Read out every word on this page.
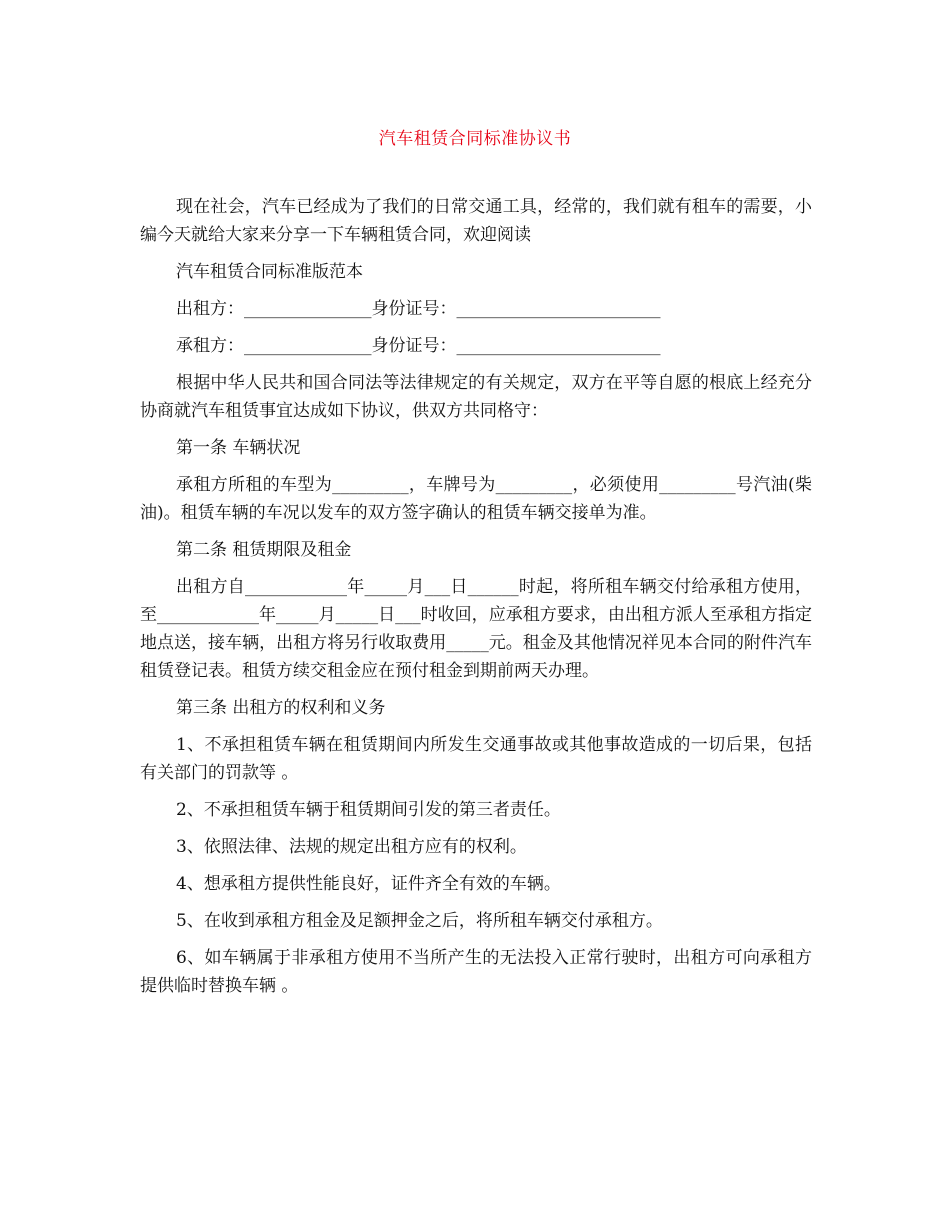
汽车租赁合同标准协议书

现在社会，汽车已经成为了我们的日常交通工具，经常的，我们就有租车的需要，小编今天就给大家来分享一下车辆租赁合同，欢迎阅读

汽车租赁合同标准版范本

出租方：_______________身份证号：________________________

承租方：_______________身份证号：________________________

根据中华人民共和国合同法等法律规定的有关规定，双方在平等自愿的根底上经充分协商就汽车租赁事宜达成如下协议，供双方共同格守：

第一条 车辆状况

承租方所租的车型为_________，车牌号为_________，必须使用_________号汽油(柴油)。租赁车辆的车况以发车的双方签字确认的租赁车辆交接单为准。

第二条 租赁期限及租金

出租方自____________年_____月___日______时起，将所租车辆交付给承租方使用，至____________年_____月_____日___时收回，应承租方要求，由出租方派人至承租方指定地点送，接车辆，出租方将另行收取费用_____元。租金及其他情况祥见本合同的附件汽车租赁登记表。租赁方续交租金应在预付租金到期前两天办理。

第三条 出租方的权利和义务

1、不承担租赁车辆在租赁期间内所发生交通事故或其他事故造成的一切后果，包括有关部门的罚款等 。

2、不承担租赁车辆于租赁期间引发的第三者责任。

3、依照法律、法规的规定出租方应有的权利。

4、想承租方提供性能良好，证件齐全有效的车辆。

5、在收到承租方租金及足额押金之后，将所租车辆交付承租方。

6、如车辆属于非承租方使用不当所产生的无法投入正常行驶时，出租方可向承租方提供临时替换车辆 。
